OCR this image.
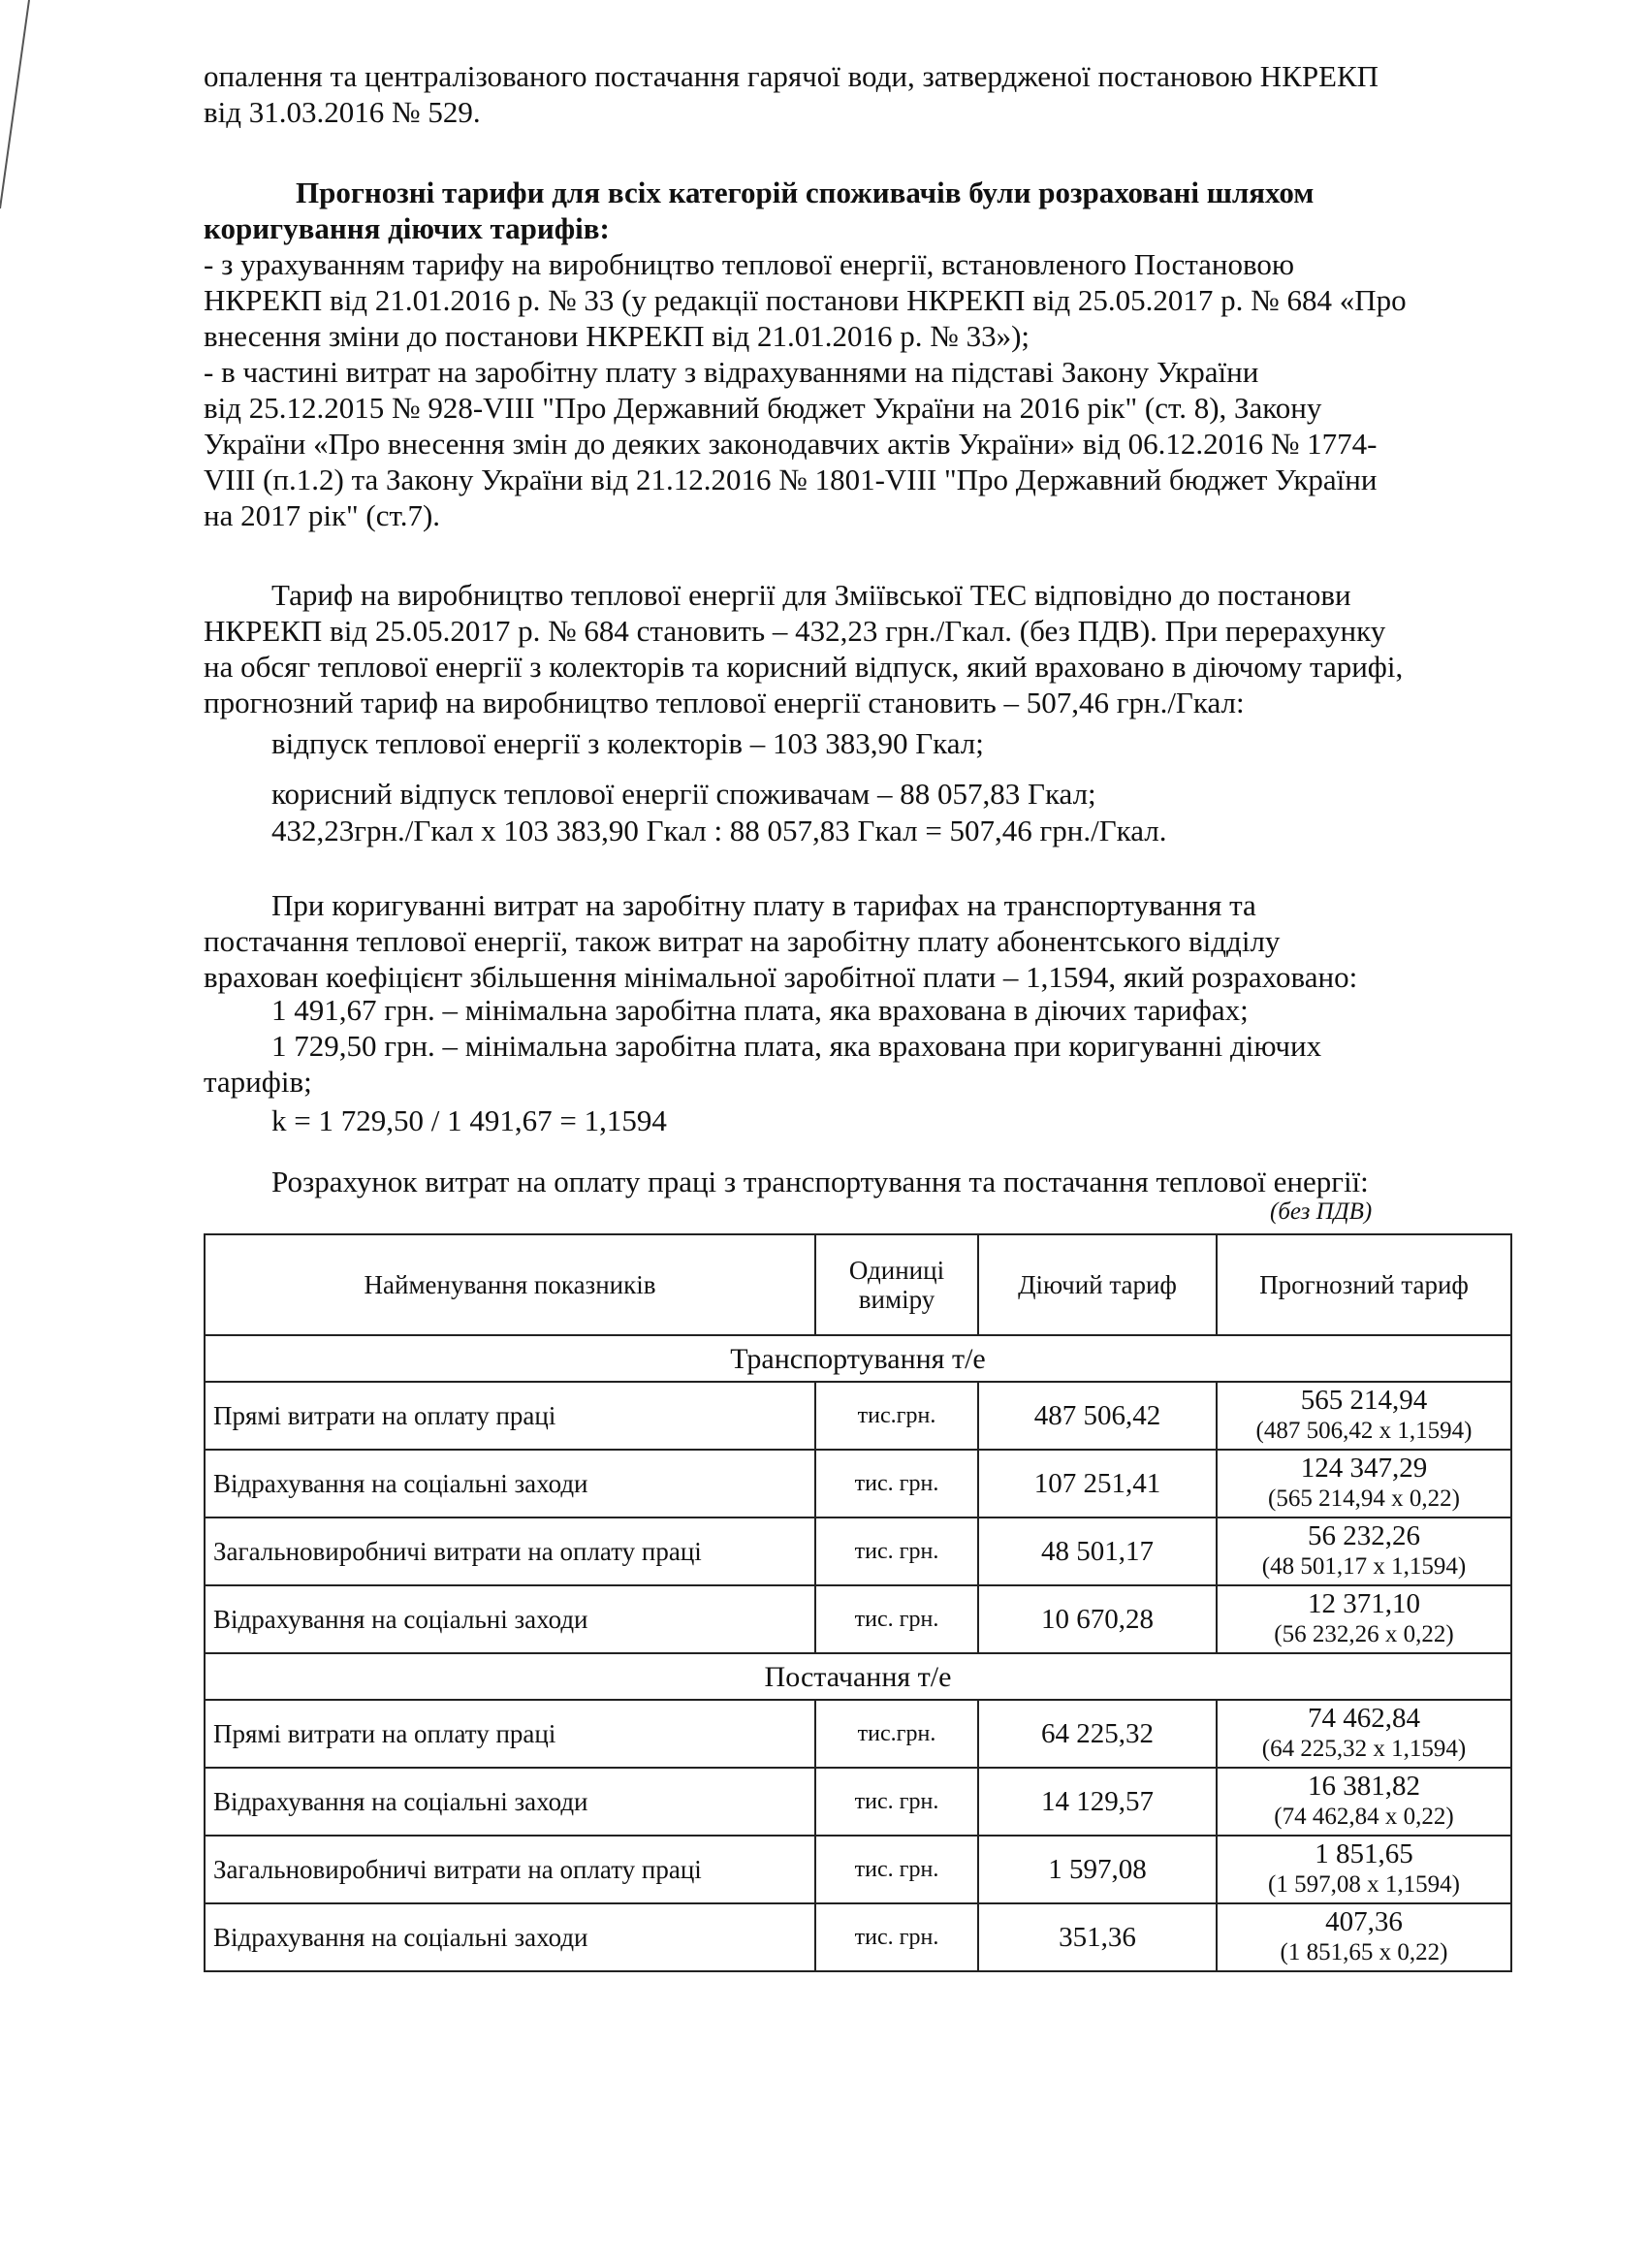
опалення та централізованого постачання гарячої води, затвердженої постановою НКРЕКП
від 31.03.2016 № 529.
Прогнозні тарифи для всіх категорій споживачів були розраховані шляхом
коригування діючих тарифів:
- з урахуванням тарифу на виробництво теплової енергії, встановленого Постановою
НКРЕКП від 21.01.2016 р. № 33 (у редакції постанови НКРЕКП від 25.05.2017 р. № 684 «Про
внесення зміни до постанови НКРЕКП від 21.01.2016 р. № 33»);
- в частині витрат на заробітну плату з відрахуваннями на підставі Закону України
від 25.12.2015 № 928-VIII "Про Державний бюджет України на 2016 рік" (ст. 8), Закону
України «Про внесення змін до деяких законодавчих актів України» від 06.12.2016 № 1774-
VIII (п.1.2) та Закону України від 21.12.2016 № 1801-VIII "Про Державний бюджет України
на 2017 рік" (ст.7).
Тариф на виробництво теплової енергії для Зміївської ТЕС відповідно до постанови
НКРЕКП від 25.05.2017 р. № 684 становить – 432,23 грн./Гкал. (без ПДВ). При перерахунку
на обсяг теплової енергії з колекторів та корисний відпуск, який враховано в діючому тарифі,
прогнозний тариф на виробництво теплової енергії становить – 507,46 грн./Гкал:
відпуск теплової енергії з колекторів – 103 383,90 Гкал;
корисний відпуск теплової енергії споживачам – 88 057,83 Гкал;
432,23грн./Гкал х 103 383,90 Гкал : 88 057,83 Гкал = 507,46 грн./Гкал.
При коригуванні витрат на заробітну плату в тарифах на транспортування та
постачання теплової енергії, також витрат на заробітну плату абонентського відділу
врахован коефіцієнт збільшення мінімальної заробітної плати – 1,1594, який розраховано:
1 491,67 грн. – мінімальна заробітна плата, яка врахована в діючих тарифах;
1 729,50 грн. – мінімальна заробітна плата, яка врахована при коригуванні діючих
тарифів;
k = 1 729,50 / 1 491,67 = 1,1594
Розрахунок витрат на оплату праці з транспортування та постачання теплової енергії:
(без ПДВ)
Найменування показників	Одиниці виміру	Діючий тариф	Прогнозний тариф
Транспортування т/е			
Прямі витрати на оплату праці	тис.грн.	487 506,42	565 214,94
(487 506,42 х 1,1594)

Відрахування на соціальні заходи	тис. грн.	107 251,41	124 347,29
(565 214,94 х 0,22)

Загальновиробничі витрати на оплату праці	тис. грн.	48 501,17	56 232,26
(48 501,17 х 1,1594)

Відрахування на соціальні заходи	тис. грн.	10 670,28	12 371,10
(56 232,26 х 0,22)

Постачання т/е			
Прямі витрати на оплату праці	тис.грн.	64 225,32	74 462,84
(64 225,32 х 1,1594)

Відрахування на соціальні заходи	тис. грн.	14 129,57	16 381,82
(74 462,84 х 0,22)

Загальновиробничі витрати на оплату праці	тис. грн.	1 597,08	1 851,65
(1 597,08 х 1,1594)

Відрахування на соціальні заходи	тис. грн.	351,36	407,36
(1 851,65 х 0,22)
